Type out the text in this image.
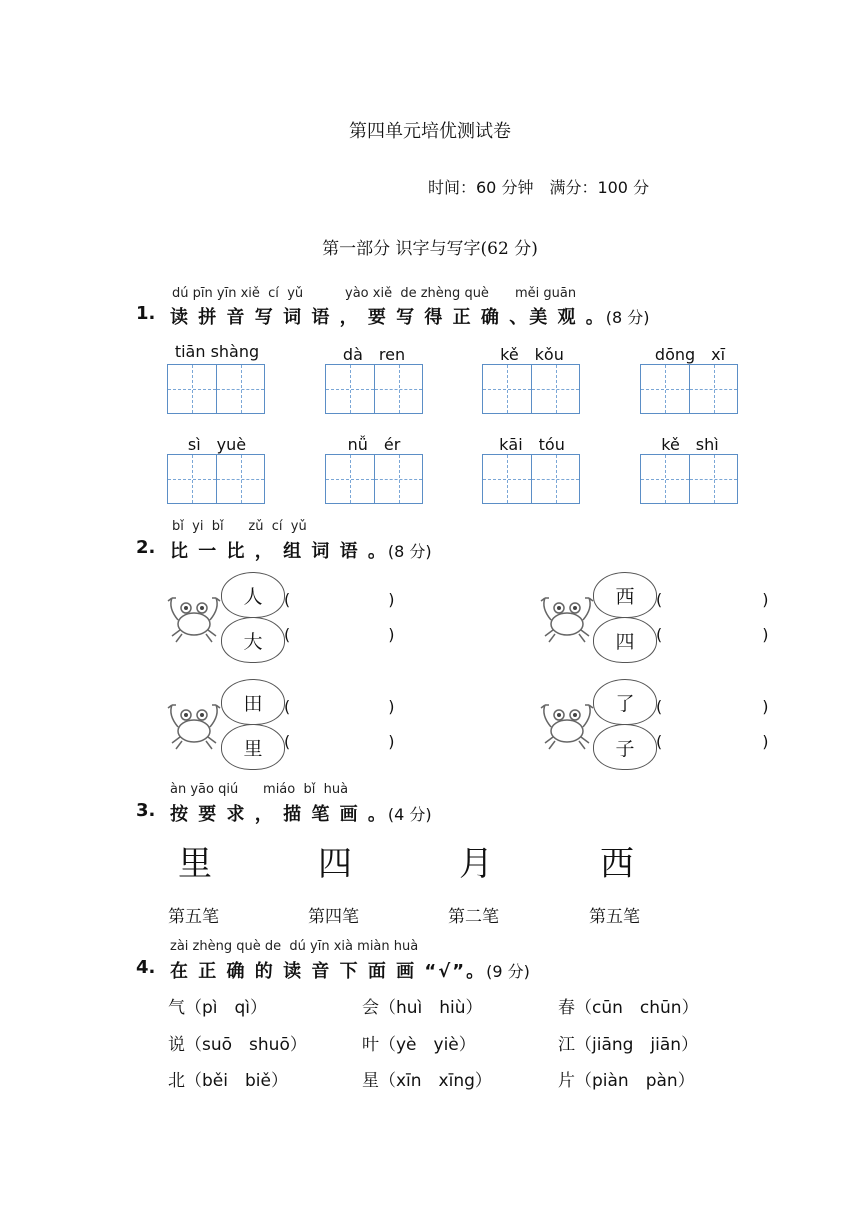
第四单元培优测试卷
时间：60 分钟　满分：100 分
第一部分 识字与写字(62 分)
dú pīn yīn xiě cí yǔ	yào xiě de zhèng què měi guān
1. 读 拼 音 写 词 语 ， 要 写 得 正 确 、美 观 。(8 分)
tiān shàng	dà　ren	kě　kǒu	dōng　xī
sì　yuè	nǚ　ér	kāi　tóu	kě　shì
bǐ yi bǐ zǔ cí yǔ
2. 比 一 比 ， 组 词 语 。(8 分)
人
大
(	)
(	)
西
四
(	)
(	)
田
里
(	)
(	)
了
子
(	)
(	)
àn yāo qiú miáo bǐ huà
3. 按 要 求 ， 描 笔 画 。(4 分)
里	四	月	西
第五笔	第四笔	第二笔	第五笔
zài zhèng què de dú yīn xià miàn huà
4. 在 正 确 的 读 音 下 面 画 “√”。(9 分)
气（pì　qì）	会（huì　hiù）	春（cūn　chūn）
说（suō　shuō）	叶（yè　yiè）	江（jiāng　jiān）
北（běi　biě）	星（xīn　xīng）	片（piàn　pàn）
